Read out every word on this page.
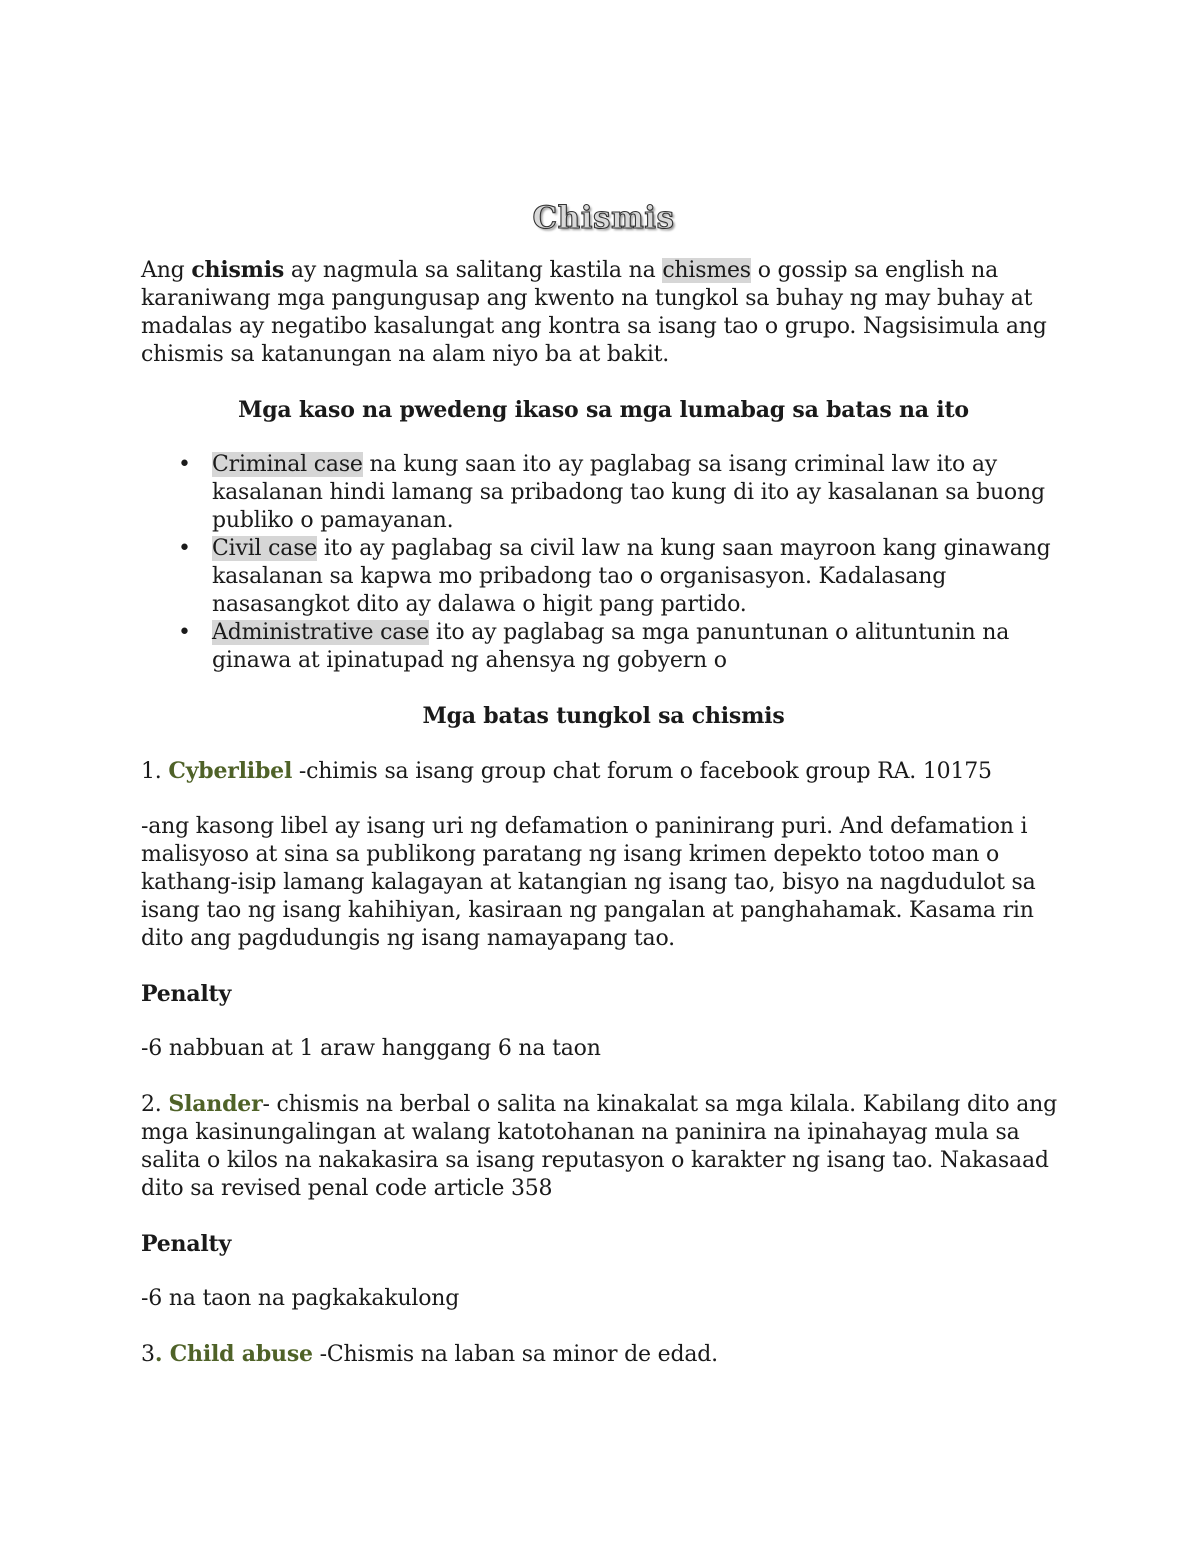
Chismis

Ang chismis ay nagmula sa salitang kastila na chismes o gossip sa english na karaniwang mga pangungusap ang kwento na tungkol sa buhay ng may buhay at madalas ay negatibo kasalungat ang kontra sa isang tao o grupo. Nagsisimula ang chismis sa katanungan na alam niyo ba at bakit.

Mga kaso na pwedeng ikaso sa mga lumabag sa batas na ito
• Criminal case na kung saan ito ay paglabag sa isang criminal law ito ay kasalanan hindi lamang sa pribadong tao kung di ito ay kasalanan sa buong publiko o pamayanan.
• Civil case ito ay paglabag sa civil law na kung saan mayroon kang ginawang kasalanan sa kapwa mo pribadong tao o organisasyon. Kadalasang nasasangkot dito ay dalawa o higit pang partido.
• Administrative case ito ay paglabag sa mga panuntunan o alituntunin na ginawa at ipinatupad ng ahensya ng gobyern o
Mga batas tungkol sa chismis

1. Cyberlibel -chimis sa isang group chat forum o facebook group RA. 10175

-ang kasong libel ay isang uri ng defamation o paninirang puri. And defamation i malisyoso at sina sa publikong paratang ng isang krimen depekto totoo man o kathang-isip lamang kalagayan at katangian ng isang tao, bisyo na nagdudulot sa isang tao ng isang kahihiyan, kasiraan ng pangalan at panghahamak. Kasama rin dito ang pagdudungis ng isang namayapang tao.

Penalty

-6 nabbuan at 1 araw hanggang 6 na taon

2. Slander- chismis na berbal o salita na kinakalat sa mga kilala. Kabilang dito ang mga kasinungalingan at walang katotohanan na paninira na ipinahayag mula sa salita o kilos na nakakasira sa isang reputasyon o karakter ng isang tao. Nakasaad dito sa revised penal code article 358

Penalty

-6 na taon na pagkakakulong

3. Child abuse -Chismis na laban sa minor de edad.
